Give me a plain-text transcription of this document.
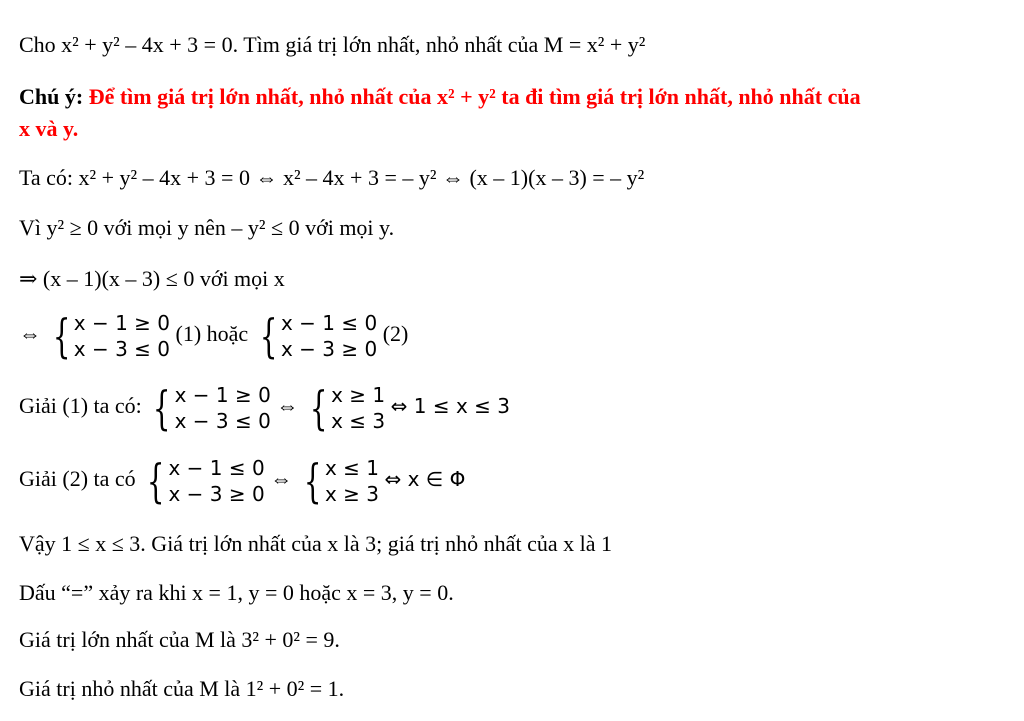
Cho x² + y² – 4x + 3 = 0. Tìm giá trị lớn nhất, nhỏ nhất của M = x² + y²
Chú ý: Để tìm giá trị lớn nhất, nhỏ nhất của x² + y² ta đi tìm giá trị lớn nhất, nhỏ nhất của
x và y.
Ta có: x² + y² – 4x + 3 = 0 ⇔ x² – 4x + 3 = – y² ⇔ (x – 1)(x – 3) = – y²
Vì y² ≥ 0 với mọi y nên – y² ≤ 0 với mọi y.
⇒ (x – 1)(x – 3) ≤ 0 với mọi x
⇔ { x − 1 ≥ 0
x − 3 ≤ 0
(1) hoặc { x − 1 ≤ 0
x − 3 ≥ 0
(2)
Giải (1) ta có: { x − 1 ≥ 0
x − 3 ≤ 0
⇔ { x ≥ 1
x ≤ 3
⇔ 1 ≤ x ≤ 3
Giải (2) ta có { x − 1 ≤ 0
x − 3 ≥ 0
⇔ { x ≤ 1
x ≥ 3
⇔ x ∈ Φ
Vậy 1 ≤ x ≤ 3. Giá trị lớn nhất của x là 3; giá trị nhỏ nhất của x là 1
Dấu “=” xảy ra khi x = 1, y = 0 hoặc x = 3, y = 0.
Giá trị lớn nhất của M là 3² + 0² = 9.
Giá trị nhỏ nhất của M là 1² + 0² = 1.
